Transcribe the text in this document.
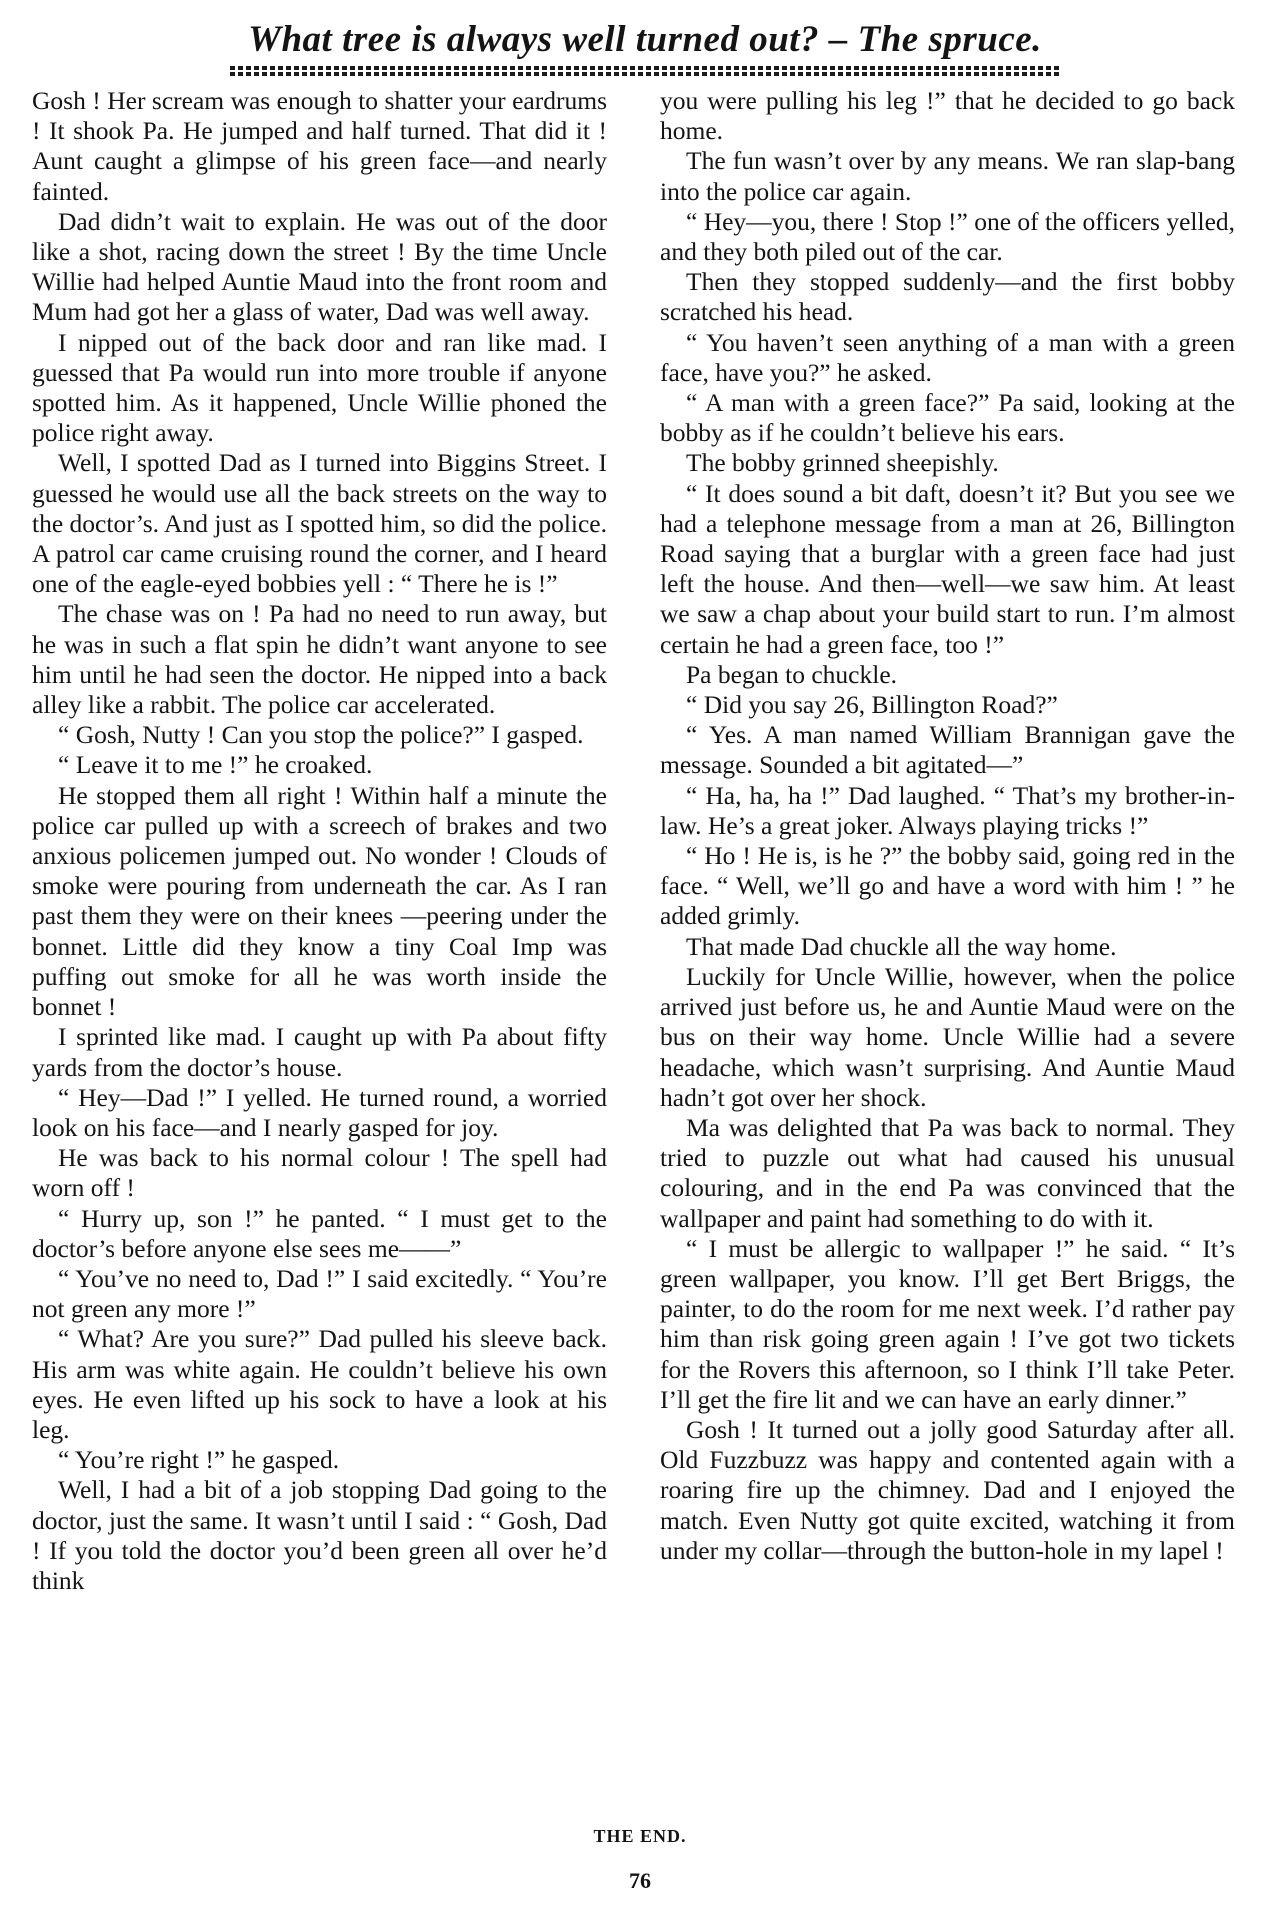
What tree is always well turned out? – The spruce.

Gosh ! Her scream was enough to shatter your eardrums ! It shook Pa. He jumped and half turned. That did it ! Aunt caught a glimpse of his green face—and nearly fainted.

Dad didn’t wait to explain. He was out of the door like a shot, racing down the street ! By the time Uncle Willie had helped Auntie Maud into the front room and Mum had got her a glass of water, Dad was well away.

I nipped out of the back door and ran like mad. I guessed that Pa would run into more trouble if anyone spotted him. As it happened, Uncle Willie phoned the police right away.

Well, I spotted Dad as I turned into Biggins Street. I guessed he would use all the back streets on the way to the doctor’s. And just as I spotted him, so did the police. A patrol car came cruising round the corner, and I heard one of the eagle-eyed bobbies yell : “ There he is !”

The chase was on ! Pa had no need to run away, but he was in such a flat spin he didn’t want anyone to see him until he had seen the doctor. He nipped into a back alley like a rabbit. The police car accelerated.

“ Gosh, Nutty ! Can you stop the police?” I gasped.

“ Leave it to me !” he croaked.

He stopped them all right ! Within half a minute the police car pulled up with a screech of brakes and two anxious policemen jumped out. No wonder ! Clouds of smoke were pouring from underneath the car. As I ran past them they were on their knees —peering under the bonnet. Little did they know a tiny Coal Imp was puffing out smoke for all he was worth inside the bonnet !

I sprinted like mad. I caught up with Pa about fifty yards from the doctor’s house.

“ Hey—Dad !” I yelled. He turned round, a worried look on his face—and I nearly gasped for joy.

He was back to his normal colour ! The spell had worn off !

“ Hurry up, son !” he panted. “ I must get to the doctor’s before anyone else sees me——”

“ You’ve no need to, Dad !” I said excitedly. “ You’re not green any more !”

“ What? Are you sure?” Dad pulled his sleeve back. His arm was white again. He couldn’t believe his own eyes. He even lifted up his sock to have a look at his leg.

“ You’re right !” he gasped.

Well, I had a bit of a job stopping Dad going to the doctor, just the same. It wasn’t until I said : “ Gosh, Dad ! If you told the doctor you’d been green all over he’d think

you were pulling his leg !” that he decided to go back home.

The fun wasn’t over by any means. We ran slap-bang into the police car again.

“ Hey—you, there ! Stop !” one of the officers yelled, and they both piled out of the car.

Then they stopped suddenly—and the first bobby scratched his head.

“ You haven’t seen anything of a man with a green face, have you?” he asked.

“ A man with a green face?” Pa said, looking at the bobby as if he couldn’t believe his ears.

The bobby grinned sheepishly.

“ It does sound a bit daft, doesn’t it? But you see we had a telephone message from a man at 26, Billington Road saying that a burglar with a green face had just left the house. And then—well—we saw him. At least we saw a chap about your build start to run. I’m almost certain he had a green face, too !”

Pa began to chuckle.

“ Did you say 26, Billington Road?”

“ Yes. A man named William Brannigan gave the message. Sounded a bit agitated—”

“ Ha, ha, ha !” Dad laughed. “ That’s my brother-in-law. He’s a great joker. Always playing tricks !”

“ Ho ! He is, is he ?” the bobby said, going red in the face. “ Well, we’ll go and have a word with him ! ” he added grimly.

That made Dad chuckle all the way home.

Luckily for Uncle Willie, however, when the police arrived just before us, he and Auntie Maud were on the bus on their way home. Uncle Willie had a severe headache, which wasn’t surprising. And Auntie Maud hadn’t got over her shock.

Ma was delighted that Pa was back to normal. They tried to puzzle out what had caused his unusual colouring, and in the end Pa was convinced that the wallpaper and paint had something to do with it.

“ I must be allergic to wallpaper !” he said. “ It’s green wallpaper, you know. I’ll get Bert Briggs, the painter, to do the room for me next week. I’d rather pay him than risk going green again ! I’ve got two tickets for the Rovers this afternoon, so I think I’ll take Peter. I’ll get the fire lit and we can have an early dinner.”

Gosh ! It turned out a jolly good Saturday after all. Old Fuzzbuzz was happy and contented again with a roaring fire up the chimney. Dad and I enjoyed the match. Even Nutty got quite excited, watching it from under my collar—through the button-hole in my lapel !

THE END.
76
